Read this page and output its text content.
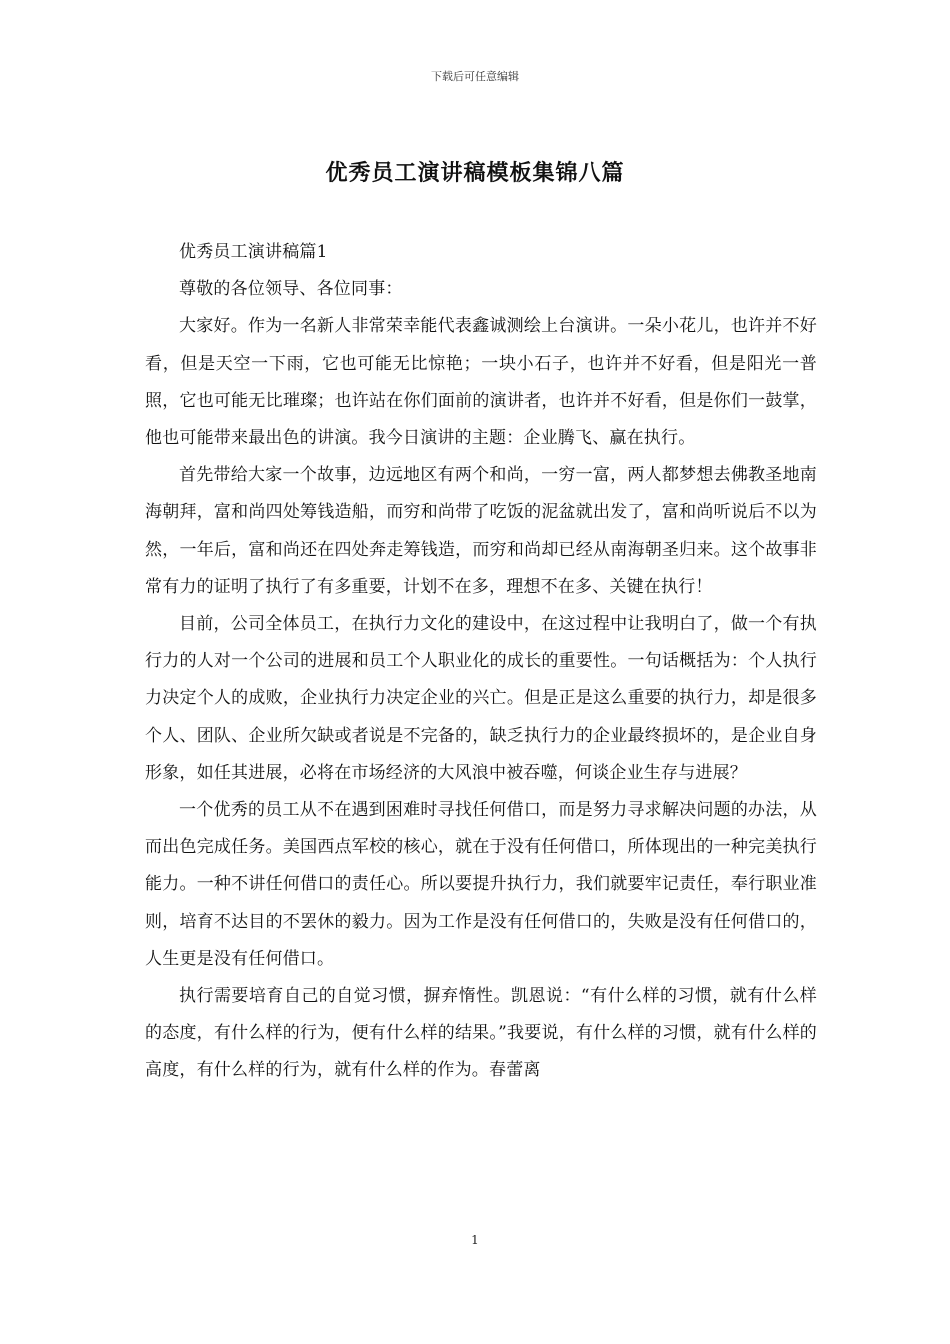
下载后可任意编辑
优秀员工演讲稿模板集锦八篇

优秀员工演讲稿篇1

尊敬的各位领导、各位同事：

大家好。作为一名新人非常荣幸能代表鑫诚测绘上台演讲。一朵小花儿，也许并不好看，但是天空一下雨，它也可能无比惊艳；一块小石子，也许并不好看，但是阳光一普照，它也可能无比璀璨；也许站在你们面前的演讲者，也许并不好看，但是你们一鼓掌，他也可能带来最出色的讲演。我今日演讲的主题：企业腾飞、赢在执行。

首先带给大家一个故事，边远地区有两个和尚，一穷一富，两人都梦想去佛教圣地南海朝拜，富和尚四处筹钱造船，而穷和尚带了吃饭的泥盆就出发了，富和尚听说后不以为然，一年后，富和尚还在四处奔走筹钱造，而穷和尚却已经从南海朝圣归来。这个故事非常有力的证明了执行了有多重要，计划不在多，理想不在多、关键在执行！

目前，公司全体员工，在执行力文化的建设中，在这过程中让我明白了，做一个有执行力的人对一个公司的进展和员工个人职业化的成长的重要性。一句话概括为：个人执行力决定个人的成败，企业执行力决定企业的兴亡。但是正是这么重要的执行力，却是很多个人、团队、企业所欠缺或者说是不完备的，缺乏执行力的企业最终损坏的，是企业自身形象，如任其进展，必将在市场经济的大风浪中被吞噬，何谈企业生存与进展？

一个优秀的员工从不在遇到困难时寻找任何借口，而是努力寻求解决问题的办法，从而出色完成任务。美国西点军校的核心，就在于没有任何借口，所体现出的一种完美执行能力。一种不讲任何借口的责任心。所以要提升执行力，我们就要牢记责任，奉行职业准则，培育不达目的不罢休的毅力。因为工作是没有任何借口的，失败是没有任何借口的，人生更是没有任何借口。

执行需要培育自己的自觉习惯，摒弃惰性。凯恩说：“有什么样的习惯，就有什么样的态度，有什么样的行为，便有什么样的结果。”我要说，有什么样的习惯，就有什么样的高度，有什么样的行为，就有什么样的作为。春蕾离

1
